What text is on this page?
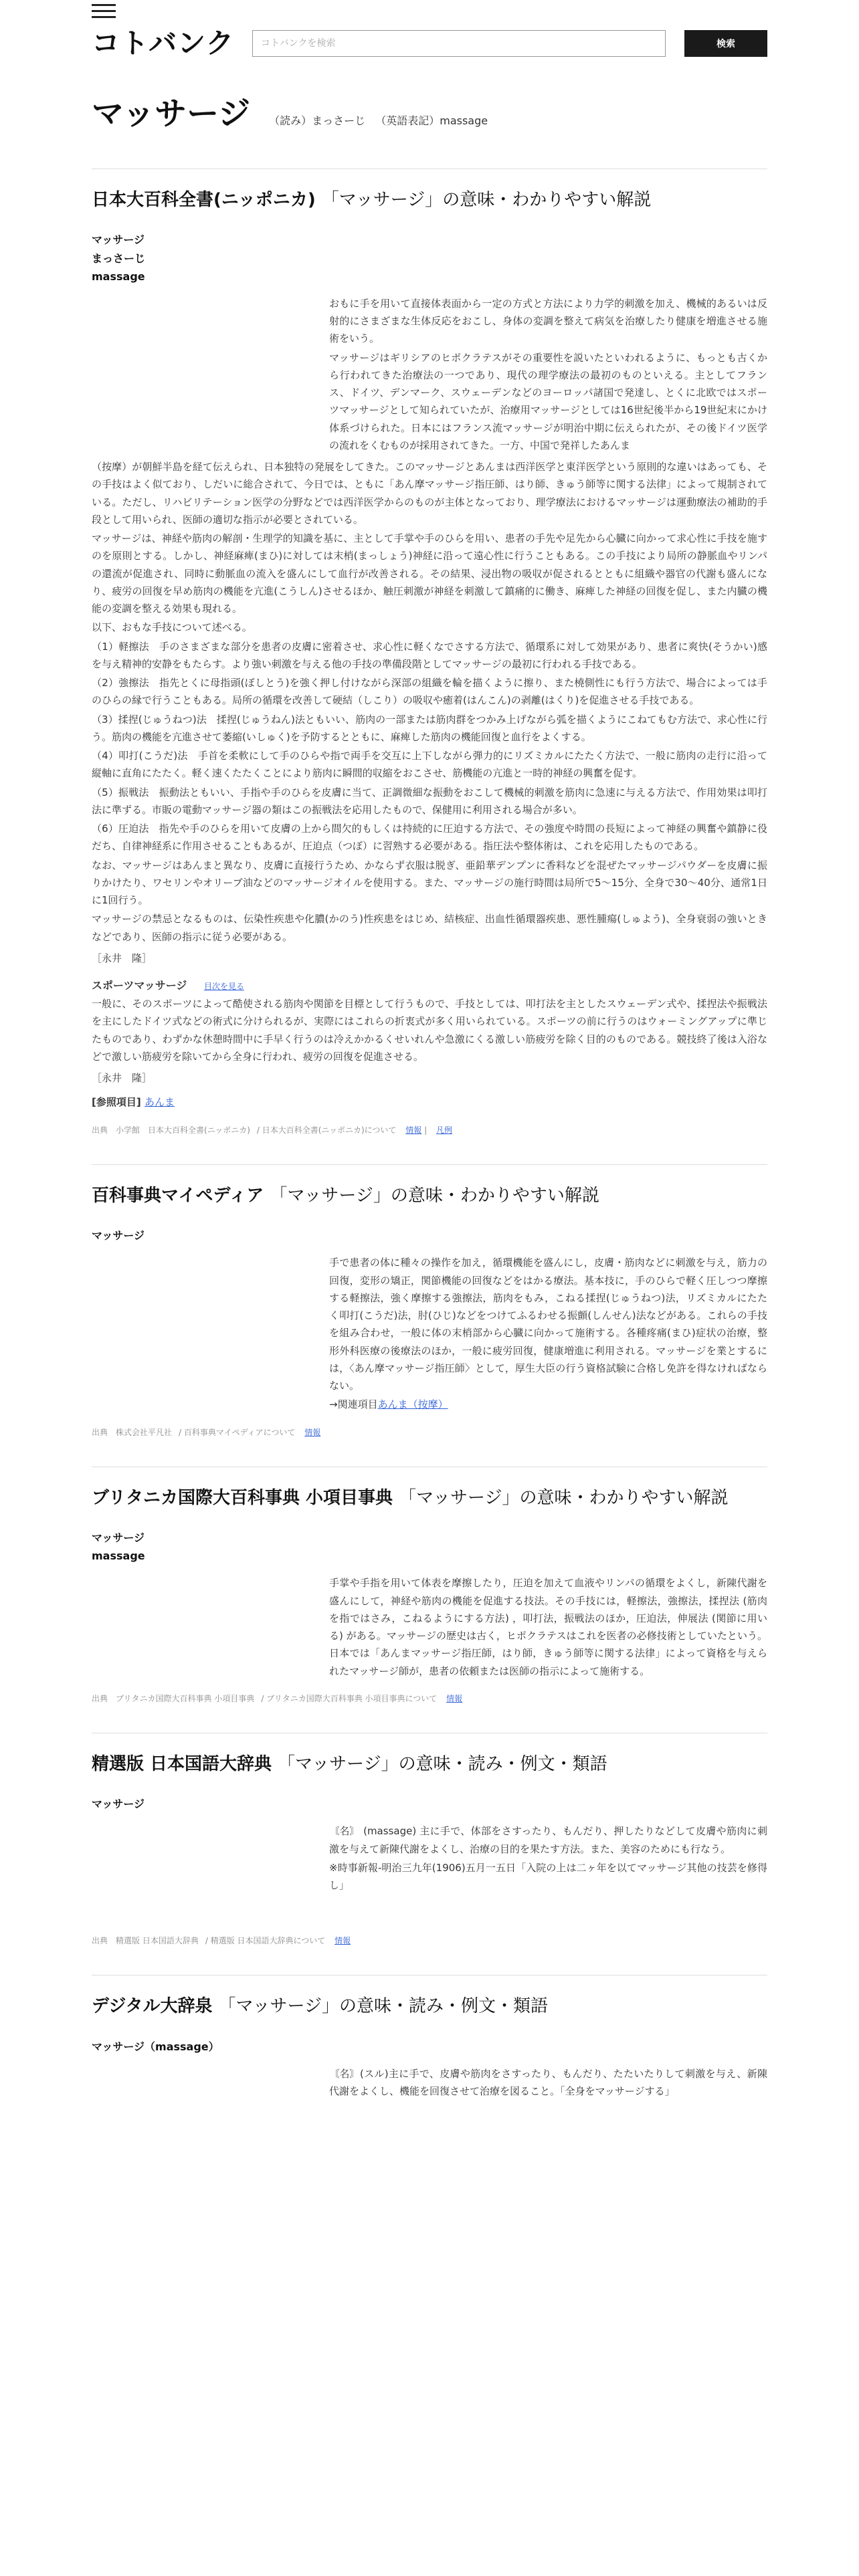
コトバンク
コトバンクを検索	検索
マッサージ （読み）まっさーじ （英語表記）massage
日本大百科全書(ニッポニカ) 「マッサージ」の意味・わかりやすい解説
マッサージ
まっさーじ
massage

おもに手を用いて直接体表面から一定の方式と方法により力学的刺激を加え、機械的あるいは反射的にさまざまな生体反応をおこし、身体の変調を整えて病気を治療したり健康を増進させる施術をいう。

マッサージはギリシアのヒポクラテスがその重要性を説いたといわれるように、もっとも古くから行われてきた治療法の一つであり、現代の理学療法の最初のものといえる。主としてフランス、ドイツ、デンマーク、スウェーデンなどのヨーロッパ諸国で発達し、とくに北欧ではスポーツマッサージとして知られていたが、治療用マッサージとしては16世紀後半から19世紀末にかけ体系づけられた。日本にはフランス流マッサージが明治中期に伝えられたが、その後ドイツ医学の流れをくむものが採用されてきた。一方、中国で発祥したあんま

（按摩）が朝鮮半島を経て伝えられ、日本独特の発展をしてきた。このマッサージとあんまは西洋医学と東洋医学という原則的な違いはあっても、その手技はよく似ており、しだいに総合されて、今日では、ともに「あん摩マッサージ指圧師、はり師、きゅう師等に関する法律」によって規制されている。ただし、リハビリテーション医学の分野などでは西洋医学からのものが主体となっており、理学療法におけるマッサージは運動療法の補助的手段として用いられ、医師の適切な指示が必要とされている。

マッサージは、神経や筋肉の解剖・生理学的知識を基に、主として手掌や手のひらを用い、患者の手先や足先から心臓に向かって求心性に手技を施すのを原則とする。しかし、神経麻痺(まひ)に対しては末梢(まっしょう)神経に沿って遠心性に行うこともある。この手技により局所の静脈血やリンパの還流が促進され、同時に動脈血の流入を盛んにして血行が改善される。その結果、浸出物の吸収が促されるとともに組織や器官の代謝も盛んになり、疲労の回復を早め筋肉の機能を亢進(こうしん)させるほか、触圧刺激が神経を刺激して鎮痛的に働き、麻痺した神経の回復を促し、また内臓の機能の変調を整える効果も現れる。

以下、おもな手技について述べる。

（1）軽擦法　手のさまざまな部分を患者の皮膚に密着させ、求心性に軽くなでさする方法で、循環系に対して効果があり、患者に爽快(そうかい)感を与え精神的安静をもたらす。より強い刺激を与える他の手技の準備段階としてマッサージの最初に行われる手技である。

（2）強擦法　指先とくに母指頭(ぼしとう)を強く押し付けながら深部の組織を輪を描くように擦り、また橈側性にも行う方法で、場合によっては手のひらの縁で行うこともある。局所の循環を改善して硬結（しこり）の吸収や癒着(はんこん)の剥離(はくり)を促進させる手技である。

（3）揉捏(じゅうねつ)法　揉捏(じゅうねん)法ともいい、筋肉の一部または筋肉群をつかみ上げながら弧を描くようにこねてもむ方法で、求心性に行う。筋肉の機能を亢進させて萎縮(いしゅく)を予防するとともに、麻痺した筋肉の機能回復と血行をよくする。

（4）叩打(こうだ)法　手首を柔軟にして手のひらや指で両手を交互に上下しながら弾力的にリズミカルにたたく方法で、一般に筋肉の走行に沿って縦軸に直角にたたく。軽く速くたたくことにより筋肉に瞬間的収縮をおこさせ、筋機能の亢進と一時的神経の興奮を促す。

（5）振戦法　振動法ともいい、手指や手のひらを皮膚に当て、正調微細な振動をおこして機械的刺激を筋肉に急速に与える方法で、作用効果は叩打法に準ずる。市販の電動マッサージ器の類はこの振戦法を応用したもので、保健用に利用される場合が多い。

（6）圧迫法　指先や手のひらを用いて皮膚の上から間欠的もしくは持続的に圧迫する方法で、その強度や時間の長短によって神経の興奮や鎮静に役だち、自律神経系に作用させることもあるが、圧迫点（つぼ）に習熟する必要がある。指圧法や整体術は、これを応用したものである。

なお、マッサージはあんまと異なり、皮膚に直接行うため、かならず衣服は脱ぎ、亜鉛華デンプンに香料などを混ぜたマッサージパウダーを皮膚に振りかけたり、ワセリンやオリーブ油などのマッサージオイルを使用する。また、マッサージの施行時間は局所で5〜15分、全身で30〜40分、通常1日に1回行う。

マッサージの禁忌となるものは、伝染性疾患や化膿(かのう)性疾患をはじめ、結核症、出血性循環器疾患、悪性腫瘍(しゅよう)、全身衰弱の強いときなどであり、医師の指示に従う必要がある。

［永井　隆］

スポーツマッサージ 目次を見る

一般に、そのスポーツによって酷使される筋肉や関節を目標として行うもので、手技としては、叩打法を主としたスウェーデン式や、揉捏法や振戦法を主にしたドイツ式などの術式に分けられるが、実際にはこれらの折衷式が多く用いられている。スポーツの前に行うのはウォーミングアップに準じたものであり、わずかな休憩時間中に手早く行うのは冷えかかるくせいれんや急激にくる激しい筋疲労を除く目的のものである。競技終了後は入浴などで激しい筋疲労を除いてから全身に行われ、疲労の回復を促進させる。

［永井　隆］

[参照項目] あんま
出典　小学館　日本大百科全書(ニッポニカ) / 日本大百科全書(ニッポニカ)について 情報 | 凡例
百科事典マイペディア 「マッサージ」の意味・わかりやすい解説
マッサージ

手で患者の体に種々の操作を加え，循環機能を盛んにし，皮膚・筋肉などに刺激を与え，筋力の回復，変形の矯正，関節機能の回復などをはかる療法。基本技に，手のひらで軽く圧しつつ摩擦する軽擦法，強く摩擦する強擦法，筋肉をもみ，こねる揉捏(じゅうねつ)法，リズミカルにたたく叩打(こうだ)法，肘(ひじ)などをつけてふるわせる振顫(しんせん)法などがある。これらの手技を組み合わせ，一般に体の末梢部から心臓に向かって施術する。各種疼痛(まひ)症状の治療，整形外科医療の後療法のほか，一般に疲労回復，健康増進に利用される。マッサージを業とするには，〈あん摩マッサージ指圧師〉として，厚生大臣の行う資格試験に合格し免許を得なければならない。

→関連項目あんま（按摩）

出典　株式会社平凡社 / 百科事典マイペディアについて 情報
ブリタニカ国際大百科事典 小項目事典 「マッサージ」の意味・わかりやすい解説
マッサージ
massage

手掌や手指を用いて体表を摩擦したり，圧迫を加えて血液やリンパの循環をよくし，新陳代謝を盛んにして，神経や筋肉の機能を促進する技法。その手技には，軽擦法，強擦法，揉捏法 (筋肉を指ではさみ，こねるようにする方法) ，叩打法，振戦法のほか，圧迫法，伸展法 (関節に用いる) がある。マッサージの歴史は古く，ヒポクラテスはこれを医者の必修技術としていたという。日本では「あんまマッサージ指圧師，はり師，きゅう師等に関する法律」によって資格を与えられたマッサージ師が，患者の依頼または医師の指示によって施術する。

出典　ブリタニカ国際大百科事典 小項目事典 / ブリタニカ国際大百科事典 小項目事典について 情報
精選版 日本国語大辞典 「マッサージ」の意味・読み・例文・類語
マッサージ

〘名〙 (massage) 主に手で、体部をさすったり、もんだり、押したりなどして皮膚や筋肉に刺激を与えて新陳代謝をよくし、治療の目的を果たす方法。また、美容のためにも行なう。

※時事新報‐明治三九年(1906)五月一五日「入院の上は二ヶ年を以てマッサージ其他の技芸を修得し」

出典　精選版 日本国語大辞典 / 精選版 日本国語大辞典について 情報
デジタル大辞泉 「マッサージ」の意味・読み・例文・類語
マッサージ（massage）

〘名〙(スル)主に手で、皮膚や筋肉をさすったり、もんだり、たたいたりして刺激を与え、新陳代謝をよくし、機能を回復させて治療を図ること。「全身をマッサージする」
